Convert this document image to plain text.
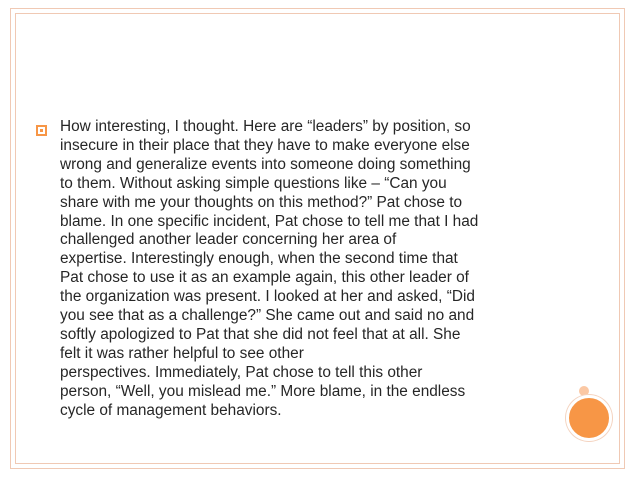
How interesting, I thought. Here are “leaders” by position, so
insecure in their place that they have to make everyone else
wrong and generalize events into someone doing something
to them. Without asking simple questions like – “Can you
share with me your thoughts on this method?” Pat chose to
blame. In one specific incident, Pat chose to tell me that I had
challenged another leader concerning her area of
expertise. Interestingly enough, when the second time that
Pat chose to use it as an example again, this other leader of
the organization was present. I looked at her and asked, “Did
you see that as a challenge?” She came out and said no and
softly apologized to Pat that she did not feel that at all. She
felt it was rather helpful to see other
perspectives. Immediately, Pat chose to tell this other
person, “Well, you mislead me.” More blame, in the endless
cycle of management behaviors.
